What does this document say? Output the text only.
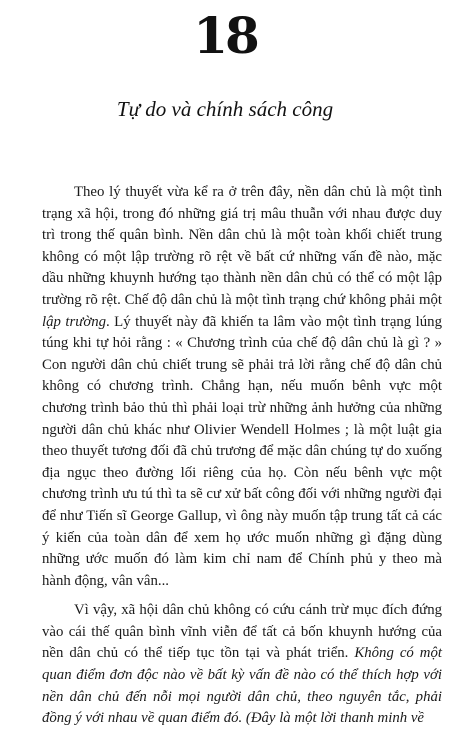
18
Tự do và chính sách công

Theo lý thuyết vừa kể ra ở trên đây, nền dân chủ là một tình trạng xã hội, trong đó những giá trị mâu thuẫn với nhau được duy trì trong thế quân bình. Nền dân chủ là một toàn khối chiết trung không có một lập trường rõ rệt về bất cứ những vấn đề nào, mặc dầu những khuynh hướng tạo thành nền dân chủ có thể có một lập trường rõ rệt. Chế độ dân chủ là một tình trạng chứ không phải một lập trường. Lý thuyết này đã khiến ta lâm vào một tình trạng lúng túng khi tự hỏi rằng : « Chương trình của chế độ dân chủ là gì ? » Con người dân chủ chiết trung sẽ phải trả lời rằng chế độ dân chủ không có chương trình. Chẳng hạn, nếu muốn bênh vực một chương trình bảo thủ thì phải loại trừ những ảnh hưởng của những người dân chủ khác như Olivier Wendell Holmes ; là một luật gia theo thuyết tương đối đã chủ trương để mặc dân chúng tự do xuống địa ngục theo đường lối riêng của họ. Còn nếu bênh vực một chương trình ưu tú thì ta sẽ cư xử bất công đối với những người đại để như Tiến sĩ George Gallup, vì ông này muốn tập trung tất cả các ý kiến của toàn dân để xem họ ước muốn những gì đặng dùng những ước muốn đó làm kim chỉ nam để Chính phủ y theo mà hành động, vân vân...

Vì vậy, xã hội dân chủ không có cứu cánh trừ mục đích đứng vào cái thế quân bình vĩnh viễn để tất cả bốn khuynh hướng của nền dân chủ có thể tiếp tục tồn tại và phát triển. Không có một quan điểm đơn độc nào về bất kỳ vấn đề nào có thể thích hợp với nền dân chủ đến nỗi mọi người dân chủ, theo nguyên tắc, phải đồng ý với nhau về quan điểm đó. (Đây là một lời thanh minh về
